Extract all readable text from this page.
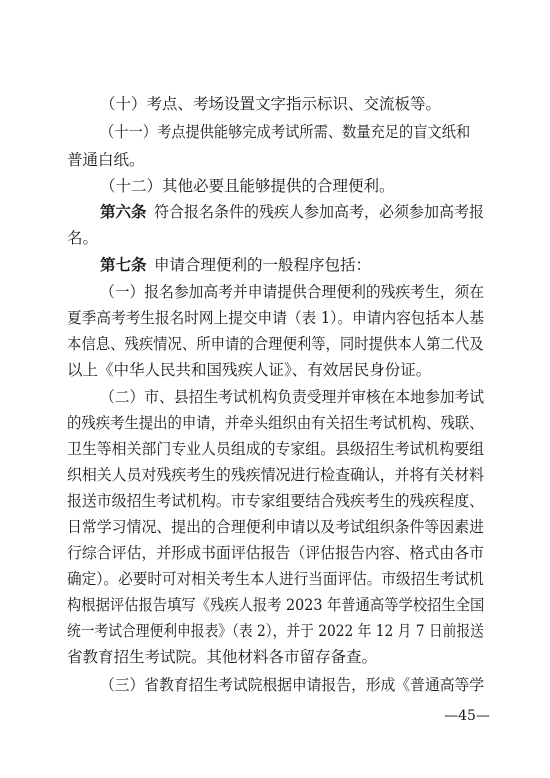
（十）考点、考场设置文字指示标识、交流板等。
（十一）考点提供能够完成考试所需、数量充足的盲文纸和
普通白纸。
（十二）其他必要且能够提供的合理便利。
第六条 符合报名条件的残疾人参加高考，必须参加高考报
名。
第七条 申请合理便利的一般程序包括：
（一）报名参加高考并申请提供合理便利的残疾考生，须在
夏季高考考生报名时网上提交申请（表 1）。申请内容包括本人基
本信息、残疾情况、所申请的合理便利等，同时提供本人第二代及
以上《中华人民共和国残疾人证》、有效居民身份证。
（二）市、县招生考试机构负责受理并审核在本地参加考试
的残疾考生提出的申请，并牵头组织由有关招生考试机构、残联、
卫生等相关部门专业人员组成的专家组。县级招生考试机构要组
织相关人员对残疾考生的残疾情况进行检查确认，并将有关材料
报送市级招生考试机构。市专家组要结合残疾考生的残疾程度、
日常学习情况、提出的合理便利申请以及考试组织条件等因素进
行综合评估，并形成书面评估报告（评估报告内容、格式由各市
确定）。必要时可对相关考生本人进行当面评估。市级招生考试机
构根据评估报告填写《残疾人报考 2023 年普通高等学校招生全国
统一考试合理便利申报表》（表 2），并于 2022 年 12 月 7 日前报送
省教育招生考试院。其他材料各市留存备查。
（三）省教育招生考试院根据申请报告，形成《普通高等学
—45—
